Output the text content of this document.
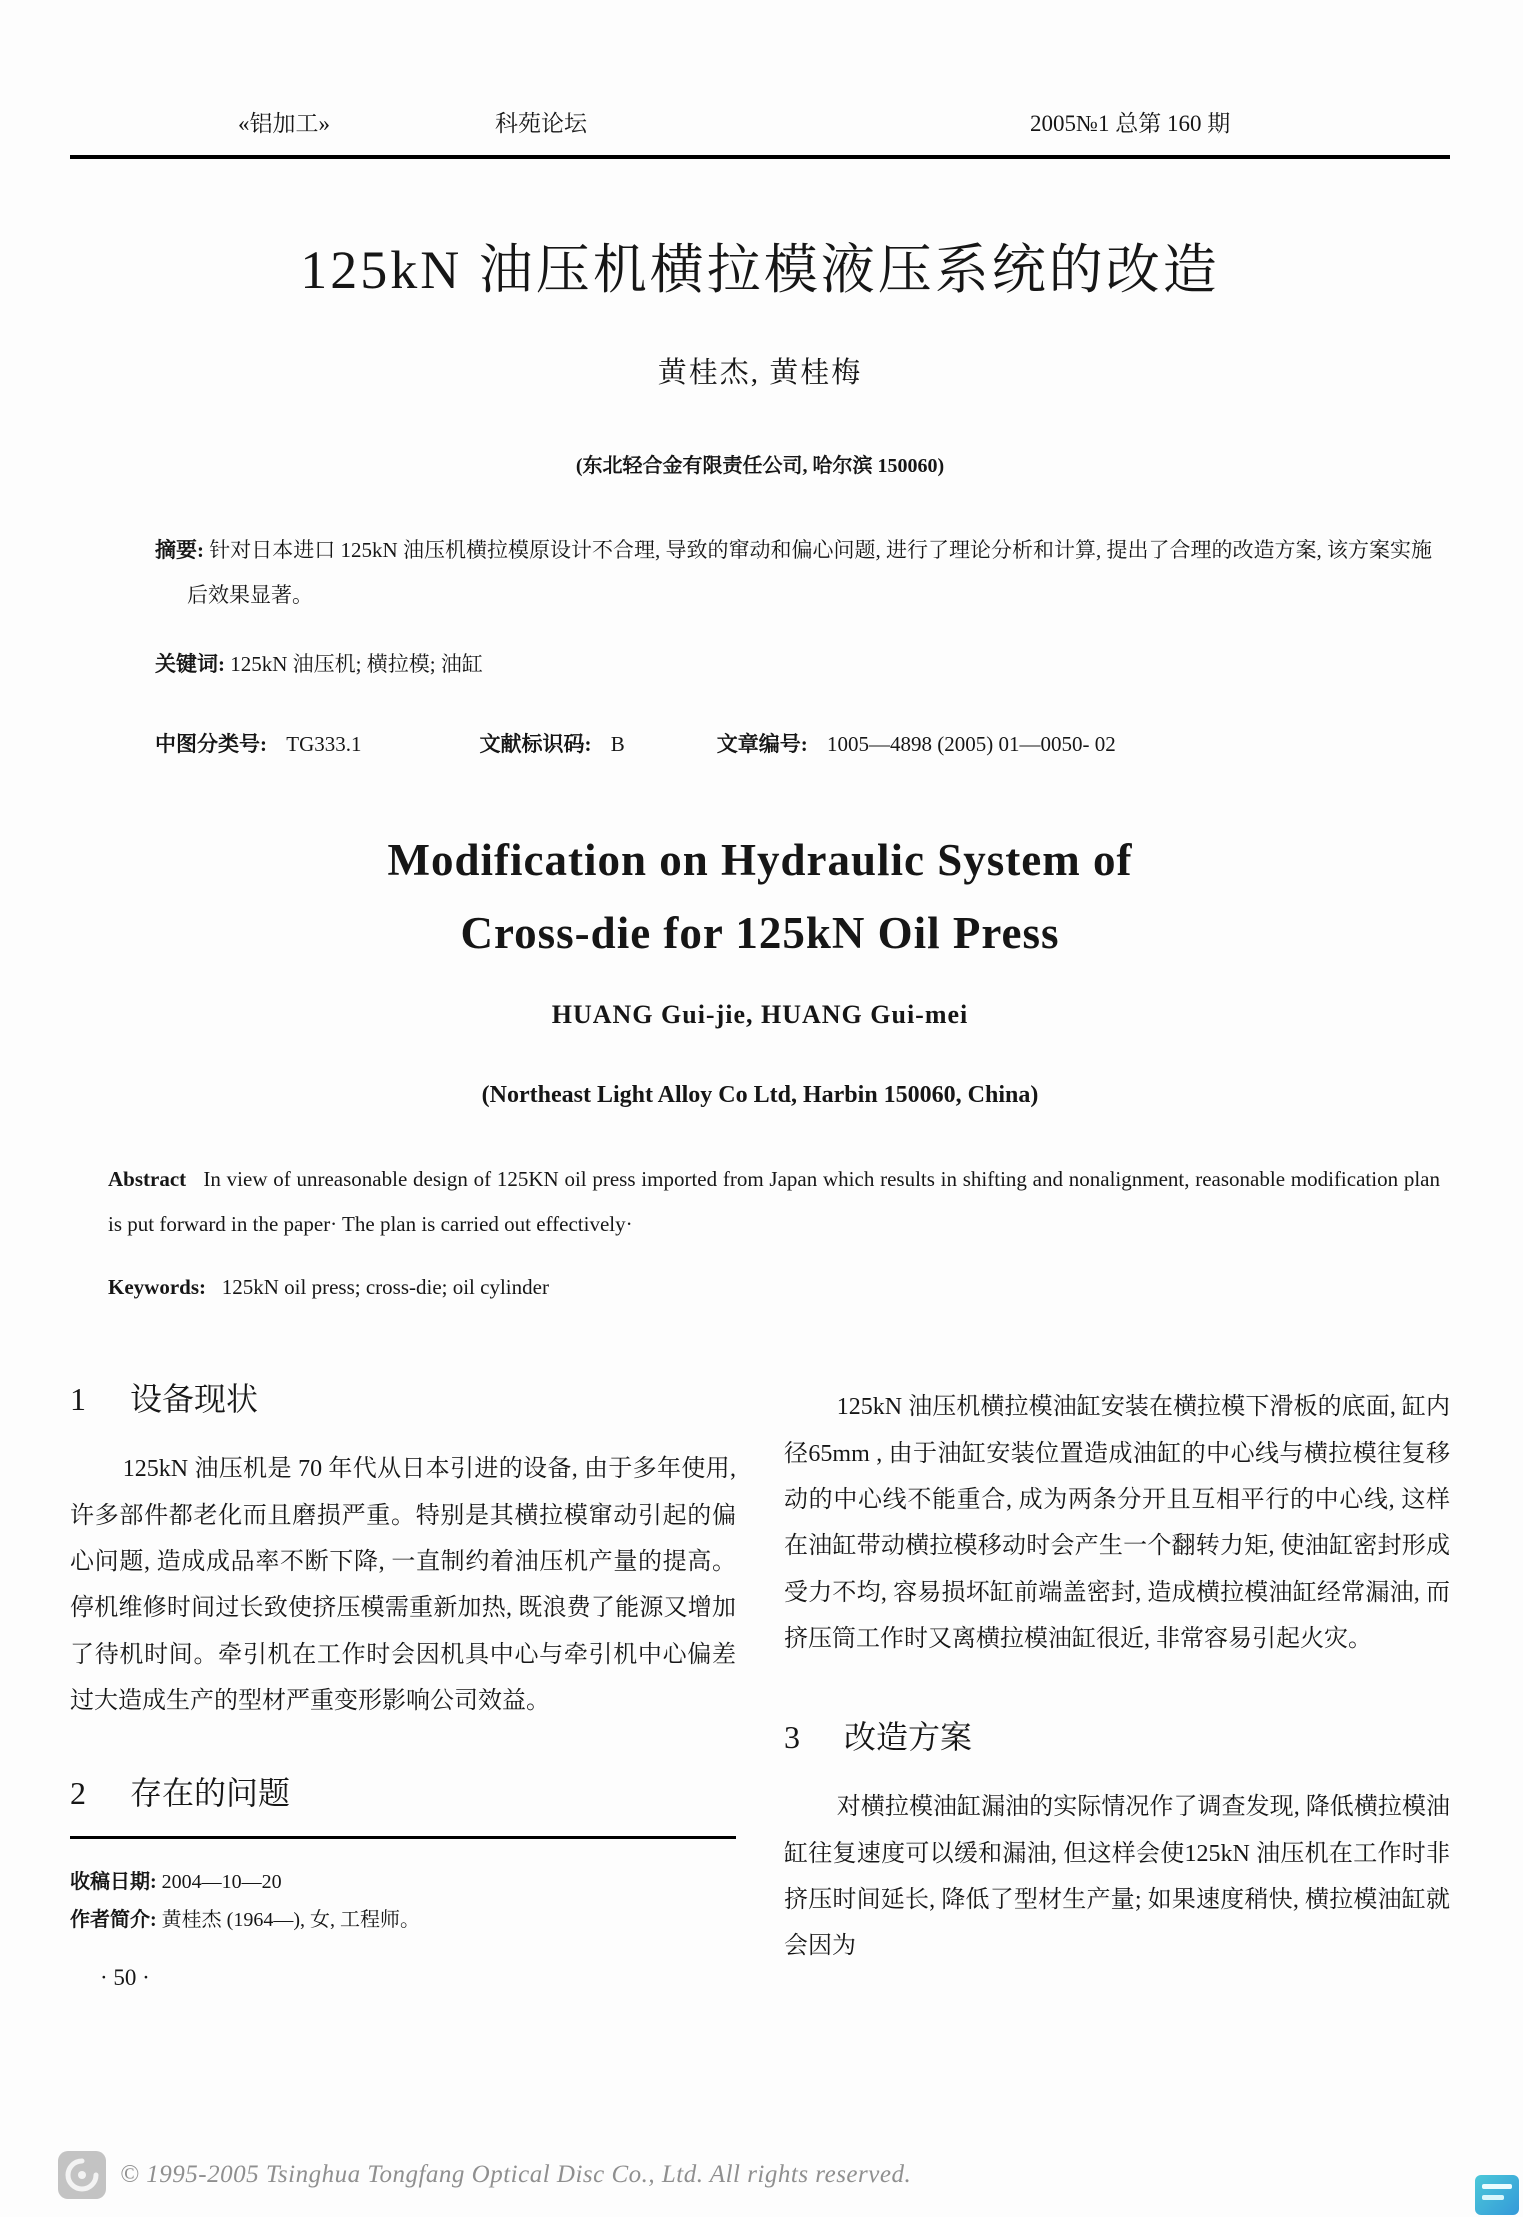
«铝加工»	科苑论坛	2005№1 总第 160 期
125kN 油压机横拉模液压系统的改造
黄桂杰, 黄桂梅
(东北轻合金有限责任公司, 哈尔滨 150060)
摘要: 针对日本进口 125kN 油压机横拉模原设计不合理, 导致的窜动和偏心问题, 进行了理论分析和计算, 提出了合理的改造方案, 该方案实施后效果显著。
关键词: 125kN 油压机; 横拉模; 油缸
中图分类号: TG333.1	文献标识码: B	文章编号: 1005—4898 (2005) 01—0050- 02
Modification on Hydraulic System of
Cross-die for 125kN Oil Press
HUANG Gui-jie, HUANG Gui-mei
(Northeast Light Alloy Co Ltd, Harbin 150060, China)
Abstract In view of unreasonable design of 125KN oil press imported from Japan which results in shifting and nonalignment, reasonable modification plan is put forward in the paper· The plan is carried out effectively·
Keywords: 125kN oil press; cross-die; oil cylinder
1 设备现状

125kN 油压机是 70 年代从日本引进的设备, 由于多年使用, 许多部件都老化而且磨损严重。特别是其横拉模窜动引起的偏心问题, 造成成品率不断下降, 一直制约着油压机产量的提高。停机维修时间过长致使挤压模需重新加热, 既浪费了能源又增加了待机时间。牵引机在工作时会因机具中心与牵引机中心偏差过大造成生产的型材严重变形影响公司效益。

2 存在的问题
收稿日期: 2004—10—20
作者简介: 黄桂杰 (1964—), 女, 工程师。
· 50 ·

125kN 油压机横拉模油缸安装在横拉模下滑板的底面, 缸内径65mm , 由于油缸安装位置造成油缸的中心线与横拉模往复移动的中心线不能重合, 成为两条分开且互相平行的中心线, 这样在油缸带动横拉模移动时会产生一个翻转力矩, 使油缸密封形成受力不均, 容易损坏缸前端盖密封, 造成横拉模油缸经常漏油, 而挤压筒工作时又离横拉模油缸很近, 非常容易引起火灾。

3 改造方案

对横拉模油缸漏油的实际情况作了调查发现, 降低横拉模油缸往复速度可以缓和漏油, 但这样会使125kN 油压机在工作时非挤压时间延长, 降低了型材生产量; 如果速度稍快, 横拉模油缸就会因为

© 1995-2005 Tsinghua Tongfang Optical Disc Co., Ltd. All rights reserved.
